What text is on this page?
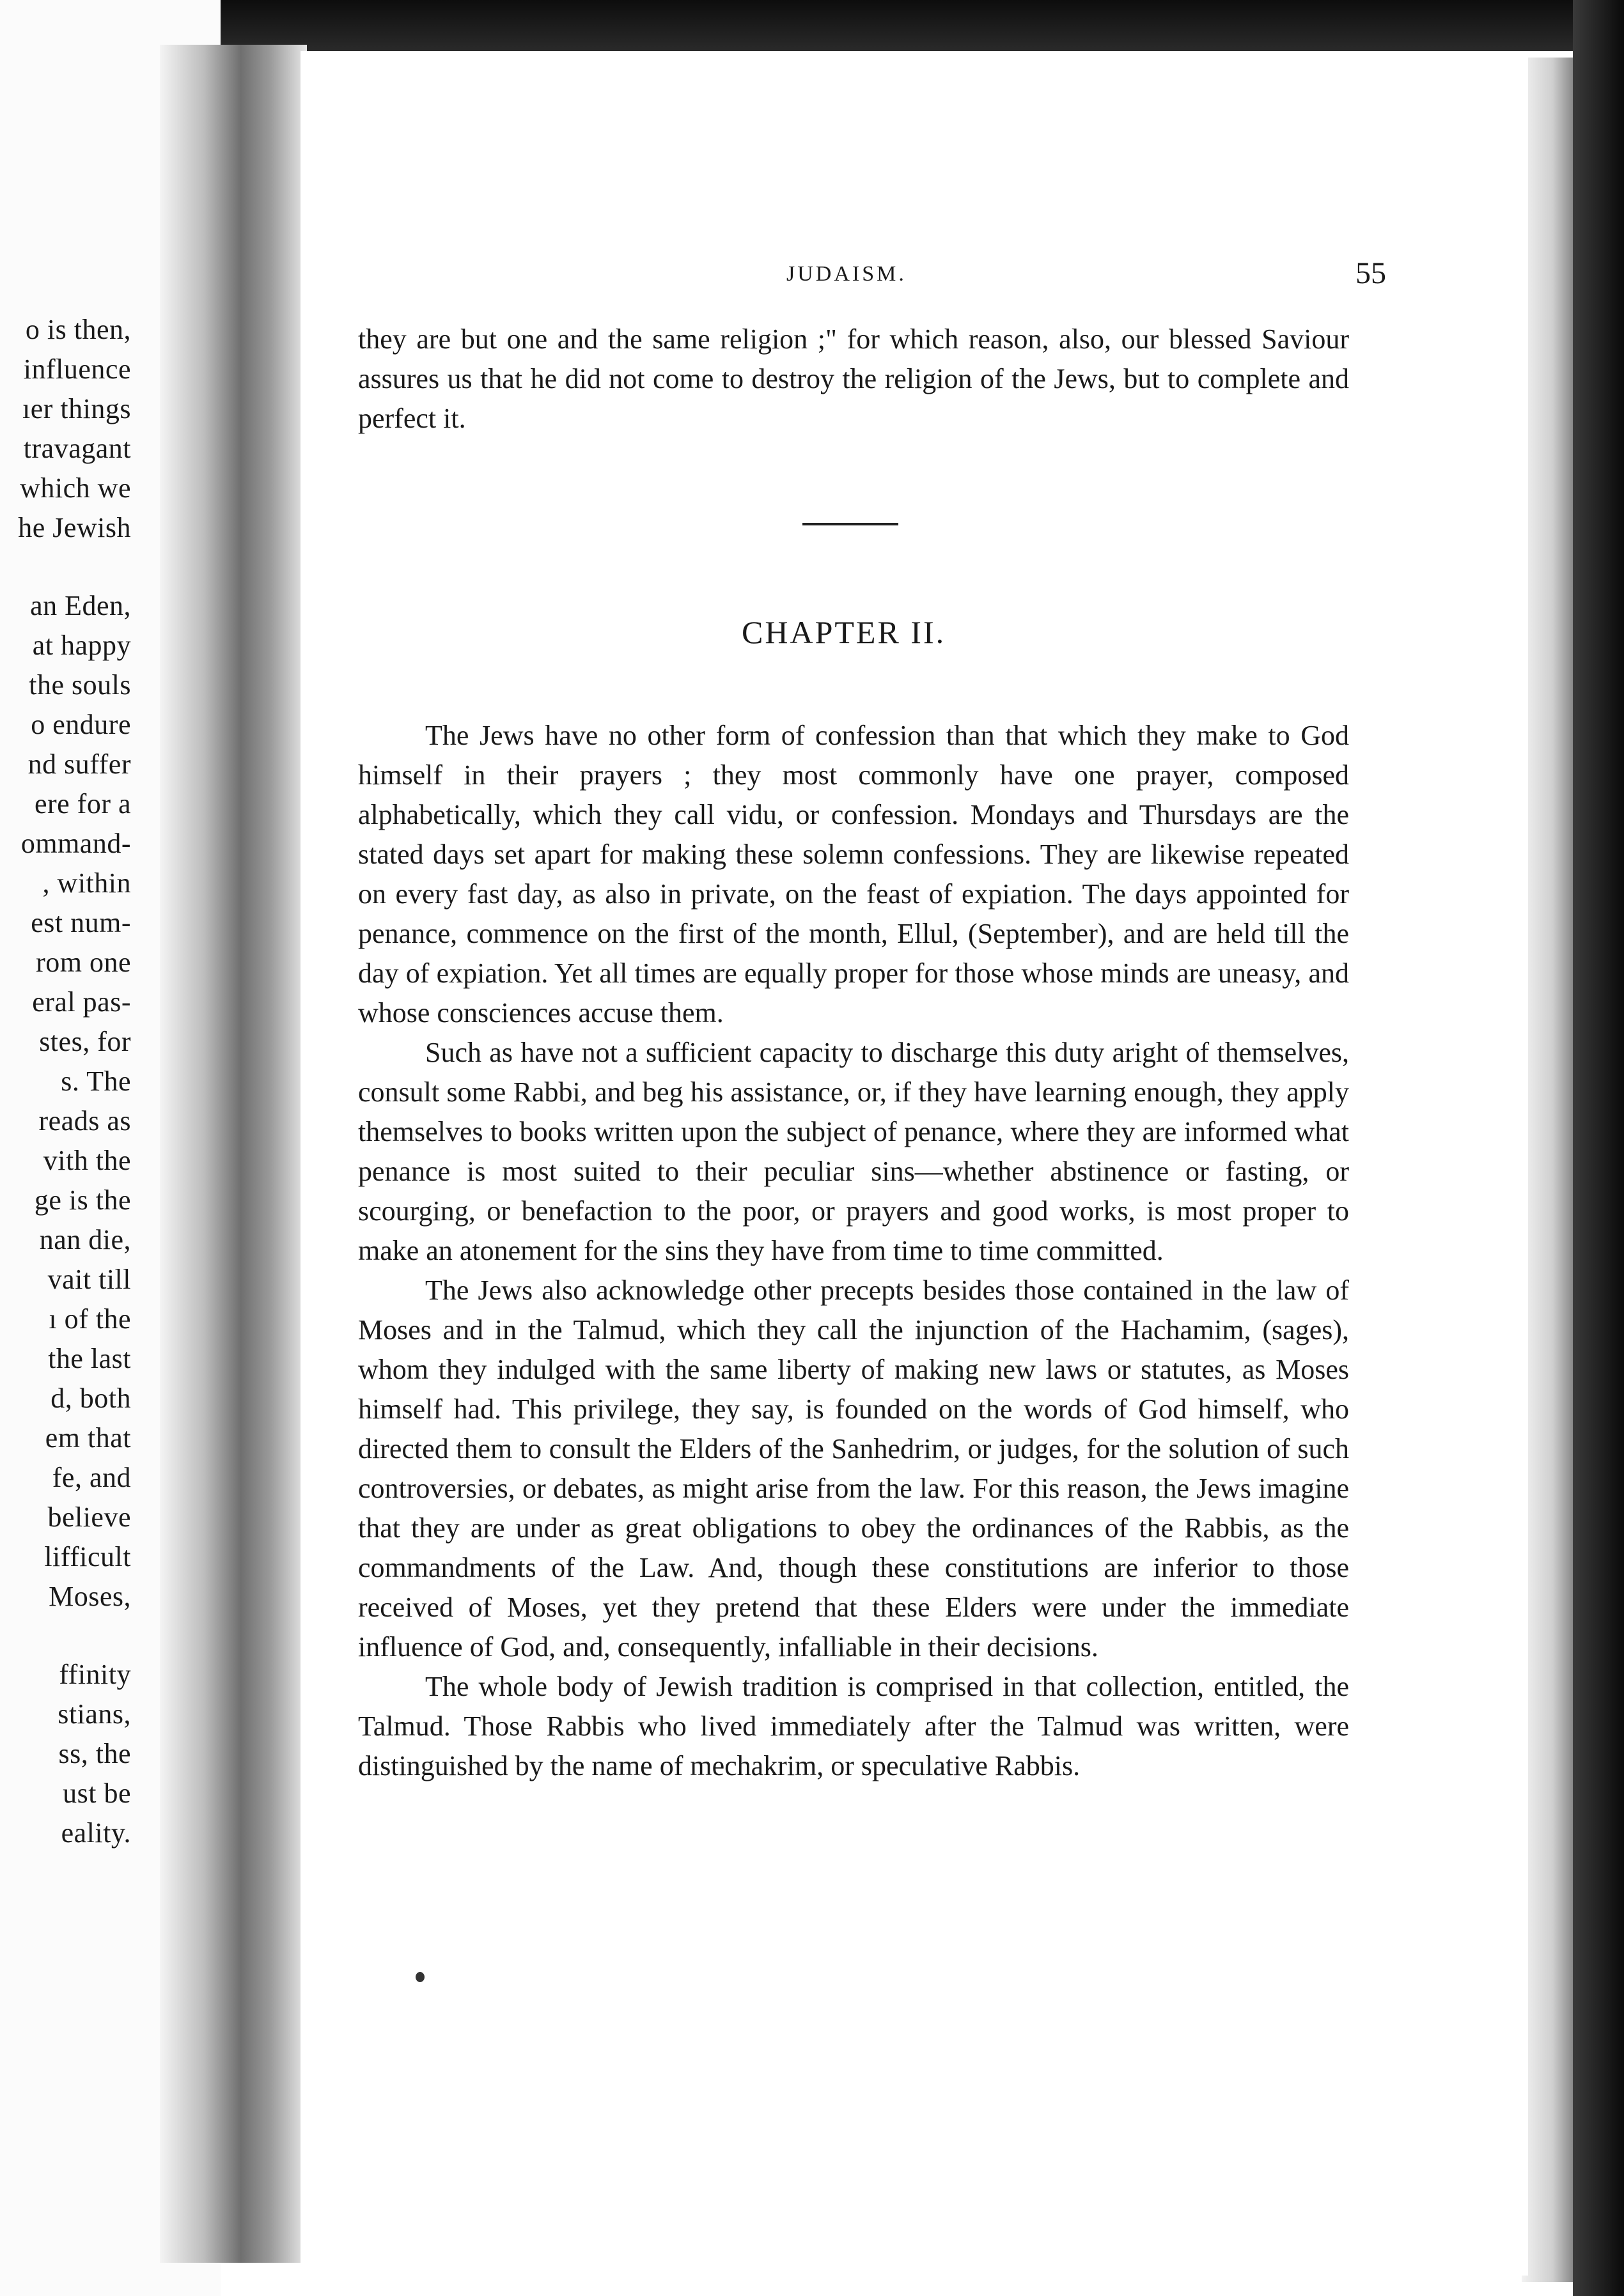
o is then,
influence
ıer things
travagant
which we
he Jewish
an Eden,
at happy
the souls
o endure
nd suffer
ere for a
ommand-
, within
est num-
rom one
eral pas-
stes, for
s. The
reads as
vith the
ge is the
nan die,
vait till
ı of the
the last
d, both
em that
fe, and
believe
lifficult
Moses,
ffinity
stians,
ss, the
ust be
eality.
JUDAISM.	55

they are but one and the same religion ;" for which reason, also, our blessed Saviour assures us that he did not come to destroy the religion of the Jews, but to complete and perfect it.

CHAPTER II.

The Jews have no other form of confession than that which they make to God himself in their prayers ; they most commonly have one prayer, composed alphabetically, which they call vidu, or confession. Mondays and Thursdays are the stated days set apart for making these solemn confessions. They are likewise repeated on every fast day, as also in private, on the feast of expiation. The days appointed for penance, commence on the first of the month, Ellul, (September), and are held till the day of expiation. Yet all times are equally proper for those whose minds are uneasy, and whose consciences accuse them.

Such as have not a sufficient capacity to discharge this duty aright of themselves, consult some Rabbi, and beg his assistance, or, if they have learning enough, they apply themselves to books written upon the subject of penance, where they are informed what penance is most suited to their peculiar sins—whether abstinence or fasting, or scourging, or benefaction to the poor, or prayers and good works, is most proper to make an atonement for the sins they have from time to time committed.

The Jews also acknowledge other precepts besides those contained in the law of Moses and in the Talmud, which they call the injunction of the Hachamim, (sages), whom they indulged with the same liberty of making new laws or statutes, as Moses himself had. This privilege, they say, is founded on the words of God himself, who directed them to consult the Elders of the Sanhedrim, or judges, for the solution of such controversies, or debates, as might arise from the law. For this reason, the Jews imagine that they are under as great obligations to obey the ordinances of the Rabbis, as the commandments of the Law. And, though these constitutions are inferior to those received of Moses, yet they pretend that these Elders were under the immediate influence of God, and, consequently, infalliable in their decisions.

The whole body of Jewish tradition is comprised in that collection, entitled, the Talmud. Those Rabbis who lived immediately after the Talmud was written, were distinguished by the name of mechakrim, or speculative Rabbis.
